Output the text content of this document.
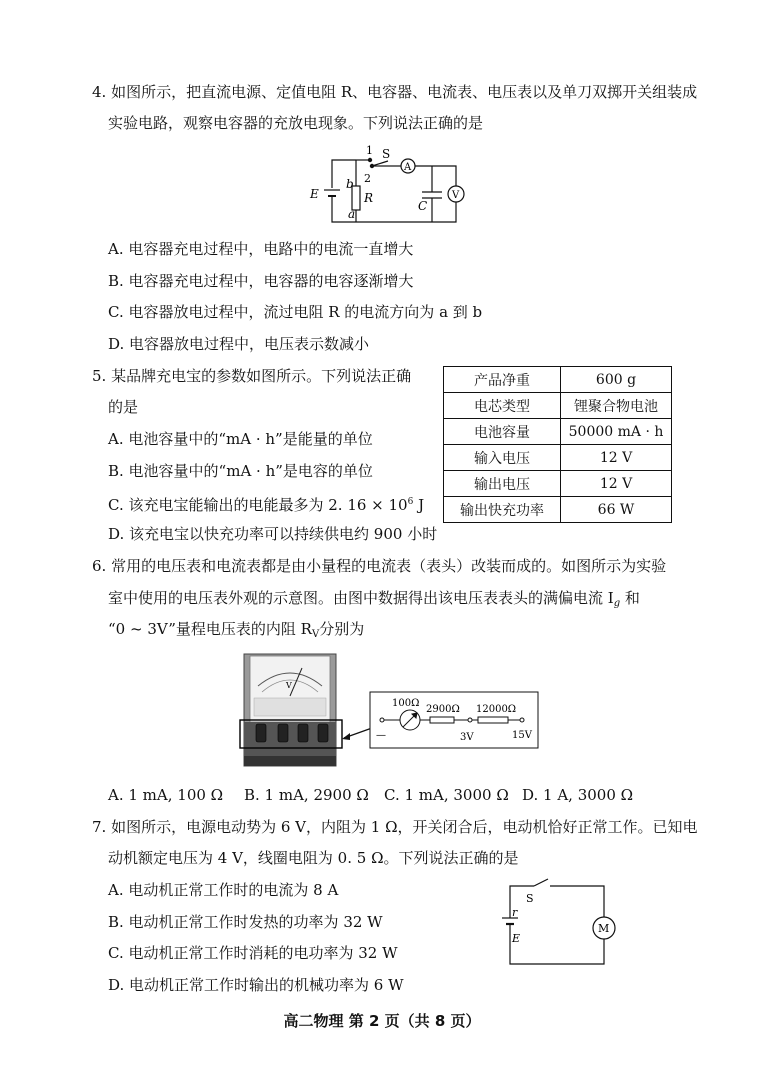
4. 如图所示，把直流电源、定值电阻 R、电容器、电流表、电压表以及单刀双掷开关组装成
实验电路，观察电容器的充放电现象。下列说法正确的是
1 S
2
b
R
a
E
C
A
V
A. 电容器充电过程中，电路中的电流一直增大
B. 电容器充电过程中，电容器的电容逐渐增大
C. 电容器放电过程中，流过电阻 R 的电流方向为 a 到 b
D. 电容器放电过程中，电压表示数减小
5. 某品牌充电宝的参数如图所示。下列说法正确
的是
A. 电池容量中的“mA · h”是能量的单位
B. 电池容量中的“mA · h”是电容的单位
C. 该充电宝能输出的电能最多为 2. $16 \times 10^6$ J
D. 该充电宝以快充功率可以持续供电约 900 小时
产品净重	600 g
电芯类型	锂聚合物电池
电池容量	50000 mA · h
输入电压	12 V
输出电压	12 V
输出快充功率	66 W
6. 常用的电压表和电流表都是由小量程的电流表（表头）改装而成的。如图所示为实验
室中使用的电压表外观的示意图。由图中数据得出该电压表表头的满偏电流 $I_g$ 和
“0 ~ 3V”量程电压表的内阻 $R_V$分别为
V
100Ω
2900Ω 12000Ω
—	3V	15V
A. 1 mA, 100 Ω B. 1 mA, 2900 Ω C. 1 mA, 3000 Ω D. 1 A, 3000 Ω
7. 如图所示，电源电动势为 6 V，内阻为 1 Ω，开关闭合后，电动机恰好正常工作。已知电
动机额定电压为 4 V，线圈电阻为 0. 5 Ω。下列说法正确的是
A. 电动机正常工作时的电流为 8 A
B. 电动机正常工作时发热的功率为 32 W
C. 电动机正常工作时消耗的电功率为 32 W
D. 电动机正常工作时输出的机械功率为 6 W
S
r
E
M
高二物理 第 2 页（共 8 页）
